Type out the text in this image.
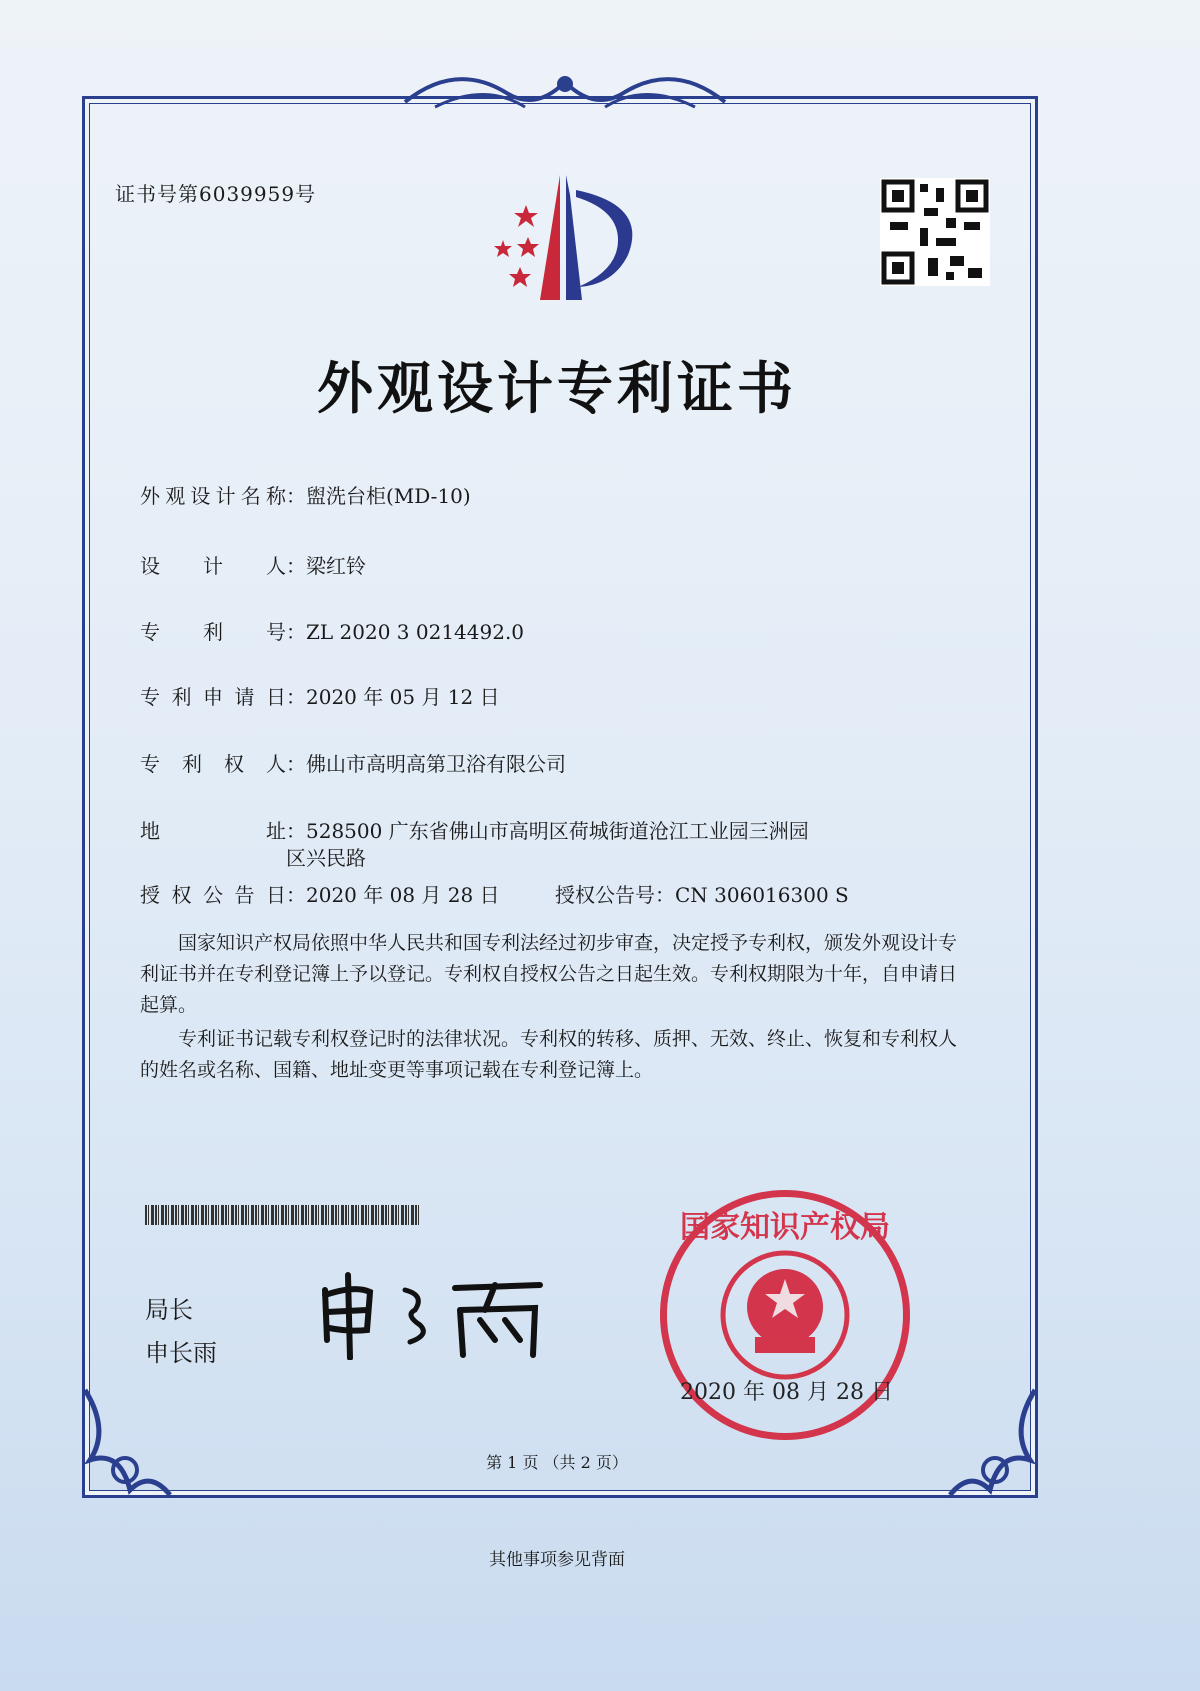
证书号第6039959号
外观设计专利证书
外观设计名称：盥洗台柜(MD-10)
设计人：梁红铃
专利号：ZL 2020 3 0214492.0
专利申请日：2020 年 05 月 12 日
专利权人：佛山市高明高第卫浴有限公司
地址：528500 广东省佛山市高明区荷城街道沧江工业园三洲园
区兴民路
授权公告日：2020 年 08 月 28 日	授权公告号：CN 306016300 S
国家知识产权局依照中华人民共和国专利法经过初步审查，决定授予专利权，颁发外观设计专利证书并在专利登记簿上予以登记。专利权自授权公告之日起生效。专利权期限为十年，自申请日起算。
专利证书记载专利权登记时的法律状况。专利权的转移、质押、无效、终止、恢复和专利权人的姓名或名称、国籍、地址变更等事项记载在专利登记簿上。
局长
申长雨
国家知识产权局
2020 年 08 月 28 日
第 1 页 （共 2 页）
其他事项参见背面
